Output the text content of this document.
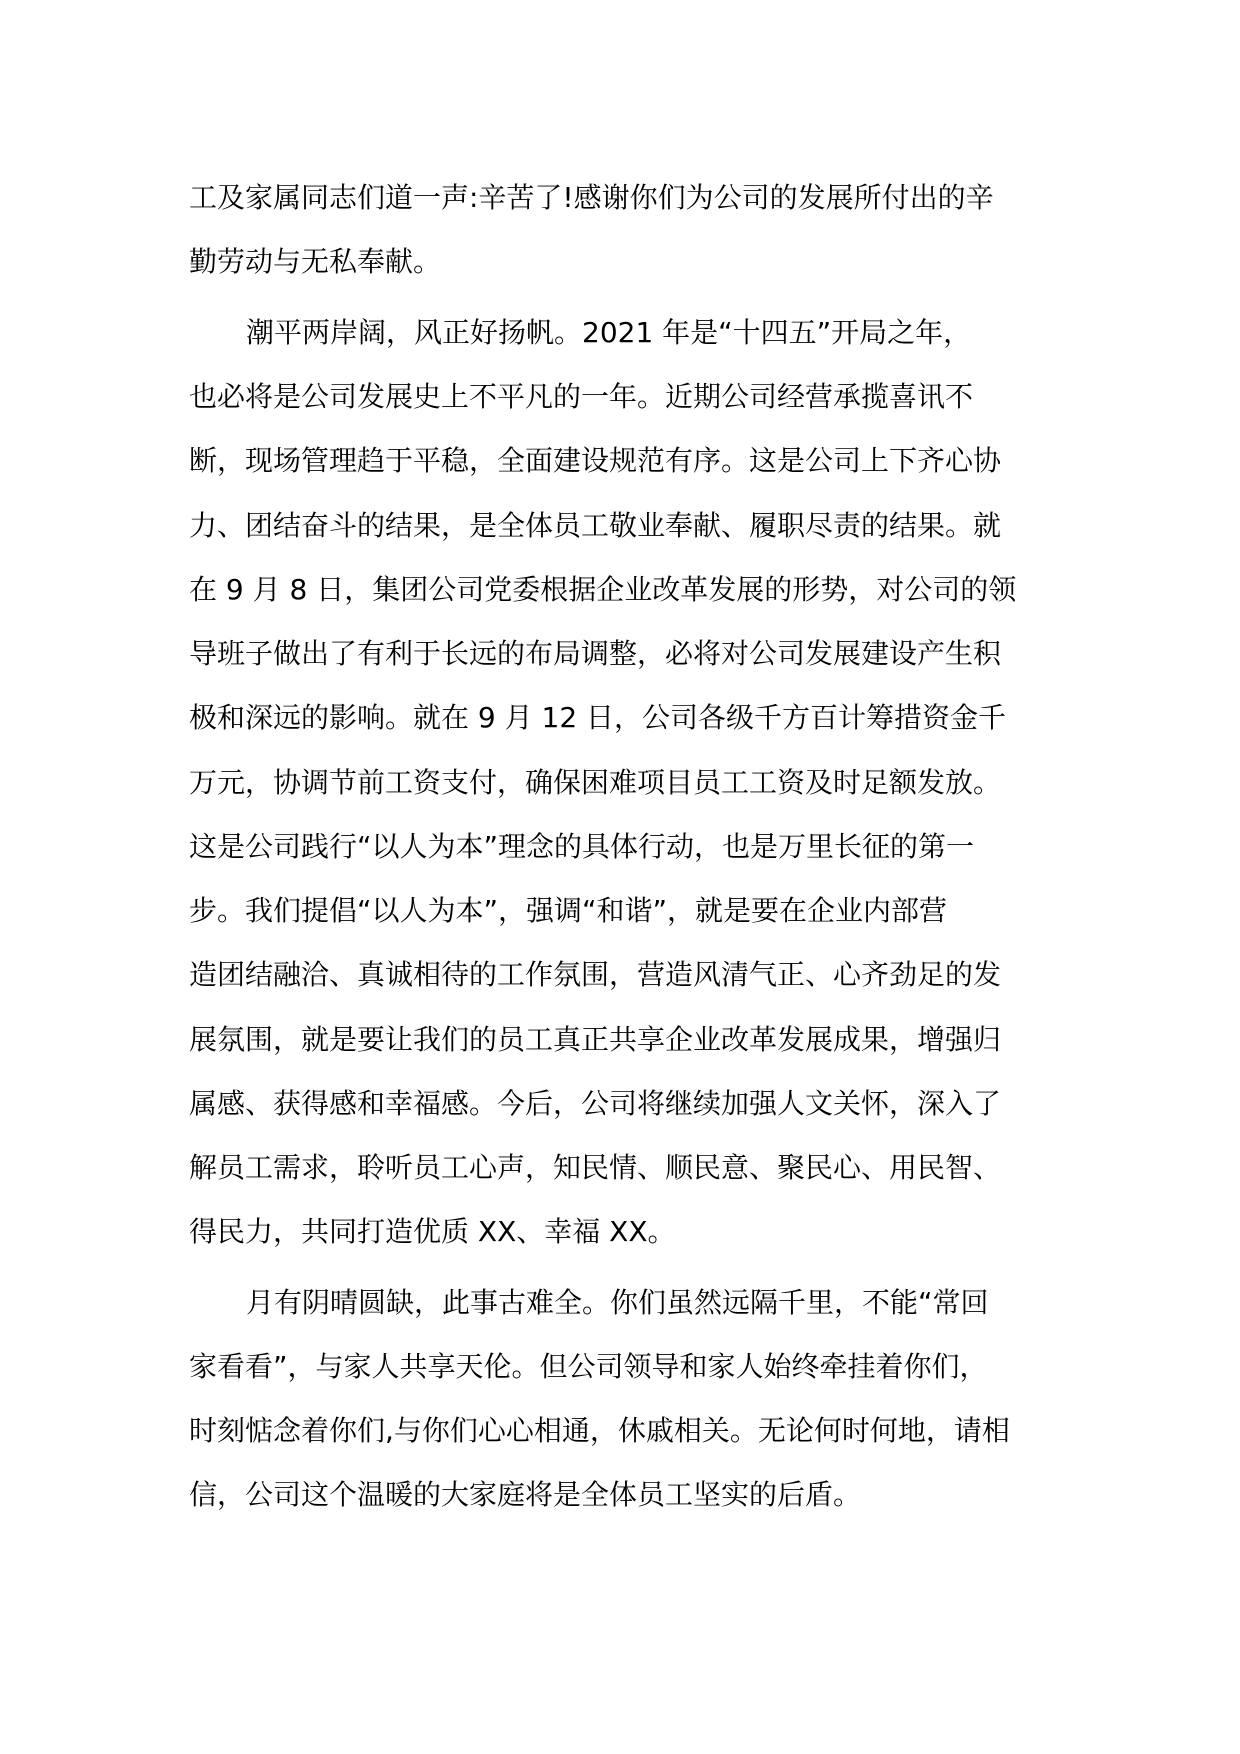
工及家属同志们道一声:辛苦了!感谢你们为公司的发展所付出的辛
勤劳动与无私奉献。
潮平两岸阔，风正好扬帆。2021 年是“十四五”开局之年，
也必将是公司发展史上不平凡的一年。近期公司经营承揽喜讯不
断，现场管理趋于平稳，全面建设规范有序。这是公司上下齐心协
力、团结奋斗的结果，是全体员工敬业奉献、履职尽责的结果。就
在 9 月 8 日，集团公司党委根据企业改革发展的形势，对公司的领
导班子做出了有利于长远的布局调整，必将对公司发展建设产生积
极和深远的影响。就在 9 月 12 日，公司各级千方百计筹措资金千
万元，协调节前工资支付，确保困难项目员工工资及时足额发放。
这是公司践行“以人为本”理念的具体行动，也是万里长征的第一
步。我们提倡“以人为本”，强调“和谐”，就是要在企业内部营
造团结融洽、真诚相待的工作氛围，营造风清气正、心齐劲足的发
展氛围，就是要让我们的员工真正共享企业改革发展成果，增强归
属感、获得感和幸福感。今后，公司将继续加强人文关怀，深入了
解员工需求，聆听员工心声，知民情、顺民意、聚民心、用民智、
得民力，共同打造优质 XX、幸福 XX。
月有阴晴圆缺，此事古难全。你们虽然远隔千里，不能“常回
家看看”，与家人共享天伦。但公司领导和家人始终牵挂着你们，
时刻惦念着你们,与你们心心相通，休戚相关。无论何时何地，请相
信，公司这个温暖的大家庭将是全体员工坚实的后盾。
